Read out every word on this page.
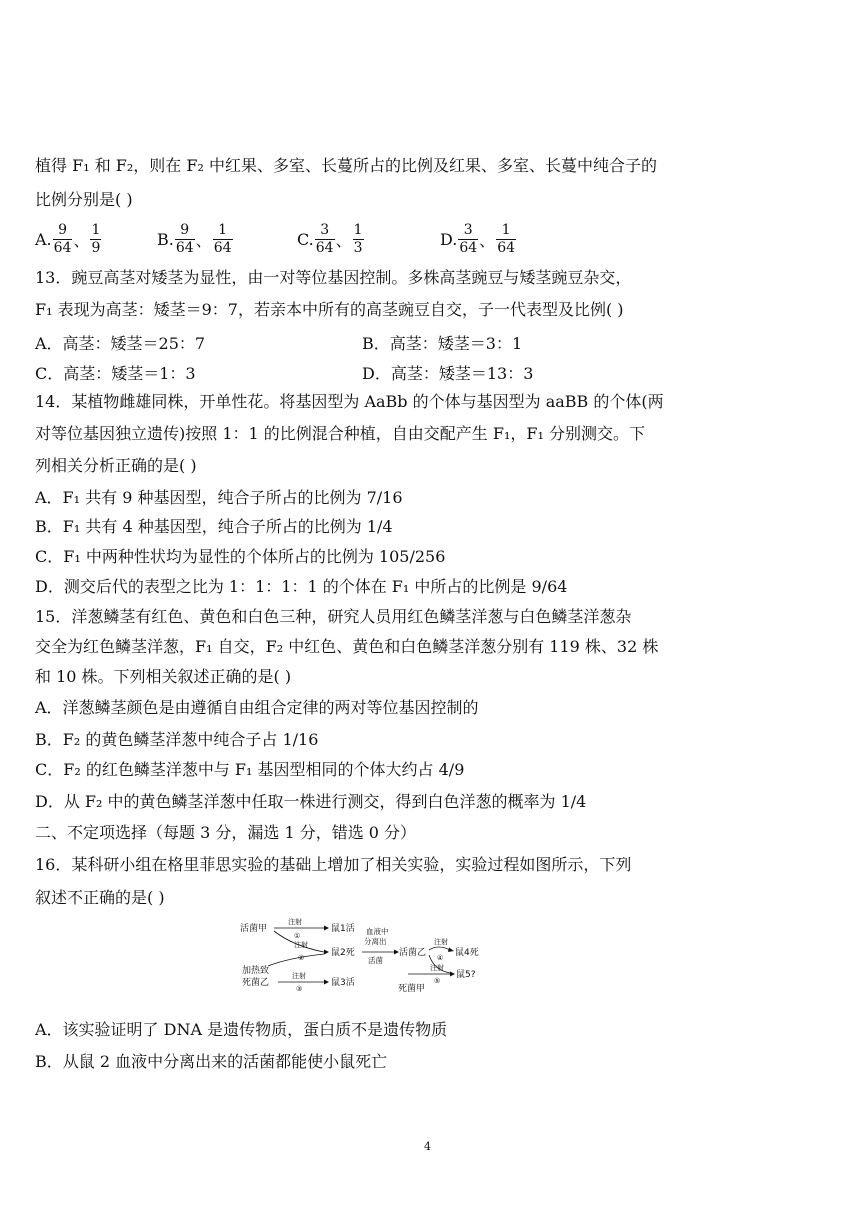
植得 F₁ 和 F₂，则在 F₂ 中红果、多室、长蔓所占的比例及红果、多室、长蔓中纯合子的
比例分别是( )
A. $\frac{9}{64}$ 、 $\frac{1}{9}$	B. $\frac{9}{64}$ 、 $\frac{1}{64}$	C. $\frac{3}{64}$ 、 $\frac{1}{3}$	D. $\frac{3}{64}$ 、 $\frac{1}{64}$
13．豌豆高茎对矮茎为显性，由一对等位基因控制。多株高茎豌豆与矮茎豌豆杂交，
F₁ 表现为高茎：矮茎＝9：7，若亲本中所有的高茎豌豆自交，子一代表型及比例( )
A．高茎：矮茎＝25：7	B．高茎：矮茎＝3：1
C．高茎：矮茎＝1：3	D．高茎：矮茎＝13：3
14．某植物雌雄同株，开单性花。将基因型为 AaBb 的个体与基因型为 aaBB 的个体(两
对等位基因独立遗传)按照 1：1 的比例混合种植，自由交配产生 F₁，F₁ 分别测交。下
列相关分析正确的是( )
A．F₁ 共有 9 种基因型，纯合子所占的比例为 7/16
B．F₁ 共有 4 种基因型，纯合子所占的比例为 1/4
C．F₁ 中两种性状均为显性的个体所占的比例为 105/256
D．测交后代的表型之比为 1：1：1：1 的个体在 F₁ 中所占的比例是 9/64
15．洋葱鳞茎有红色、黄色和白色三种，研究人员用红色鳞茎洋葱与白色鳞茎洋葱杂
交全为红色鳞茎洋葱，F₁ 自交，F₂ 中红色、黄色和白色鳞茎洋葱分别有 119 株、32 株
和 10 株。下列相关叙述正确的是( )
A．洋葱鳞茎颜色是由遵循自由组合定律的两对等位基因控制的
B．F₂ 的黄色鳞茎洋葱中纯合子占 1/16
C．F₂ 的红色鳞茎洋葱中与 F₁ 基因型相同的个体大约占 4/9
D．从 F₂ 中的黄色鳞茎洋葱中任取一株进行测交，得到白色洋葱的概率为 1/4
二、不定项选择（每题 3 分，漏选 1 分，错选 0 分）
16．某科研小组在格里菲思实验的基础上增加了相关实验，实验过程如图所示，下列
叙述不正确的是( )
活菌甲
注射
①
鼠1活
注射
②	鼠2死
加热致
死菌乙
注射
③
鼠3活
血液中
分离出
活菌
活菌乙
注射
④ 鼠4死
注射
⑤
鼠5?
死菌甲
A．该实验证明了 DNA 是遗传物质，蛋白质不是遗传物质
B．从鼠 2 血液中分离出来的活菌都能使小鼠死亡
4
